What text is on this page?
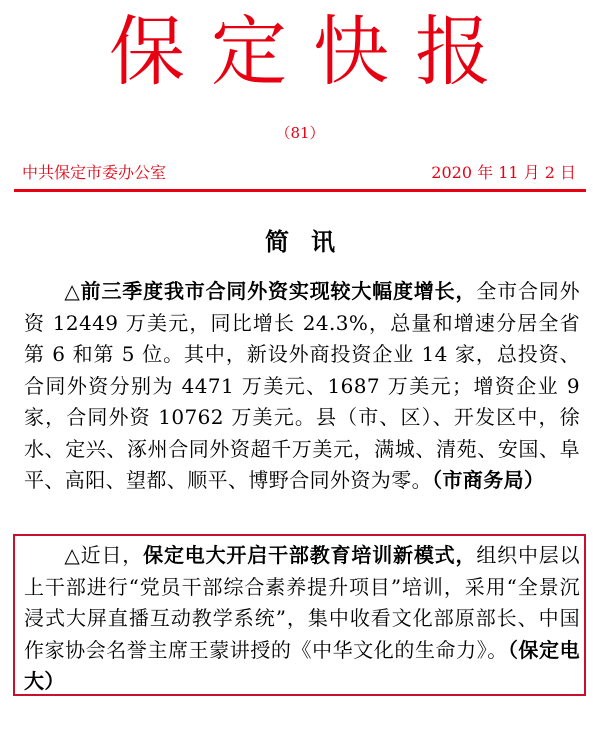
保定快报
（81）
中共保定市委办公室	2020 年 11 月 2 日
简讯
△前三季度我市合同外资实现较大幅度增长，全市合同外资 12449 万美元，同比增长 24.3%，总量和增速分居全省第 6 和第 5 位。其中，新设外商投资企业 14 家，总投资、合同外资分别为 4471 万美元、1687 万美元；增资企业 9 家，合同外资 10762 万美元。县（市、区）、开发区中，徐水、定兴、涿州合同外资超千万美元，满城、清苑、安国、阜平、高阳、望都、顺平、博野合同外资为零。（市商务局）
△近日，保定电大开启干部教育培训新模式，组织中层以上干部进行“党员干部综合素养提升项目”培训，采用“全景沉浸式大屏直播互动教学系统”，集中收看文化部原部长、中国作家协会名誉主席王蒙讲授的《中华文化的生命力》。（保定电大）
